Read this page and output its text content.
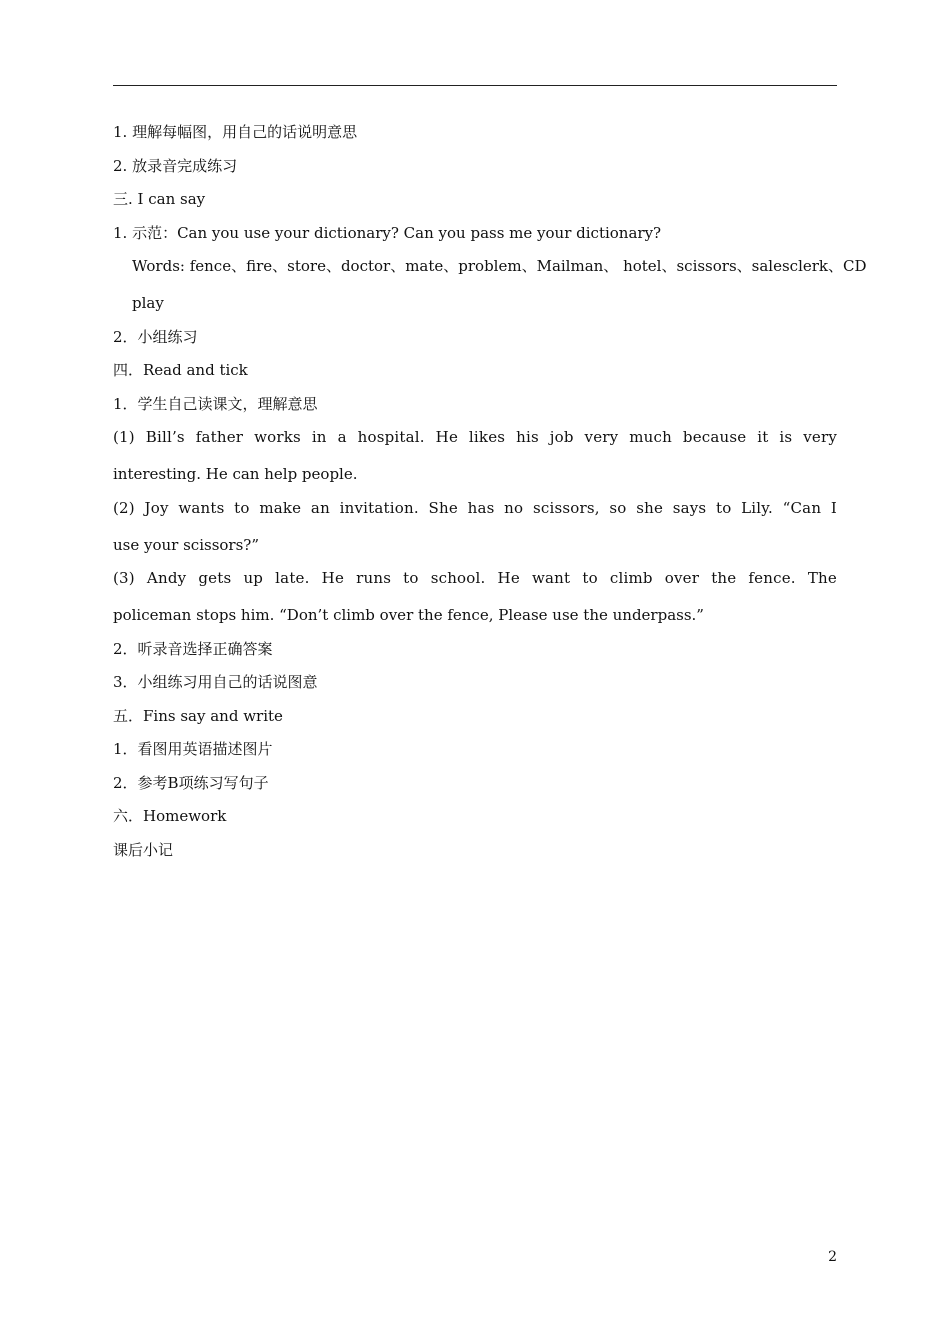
1. 理解每幅图，用自己的话说明意思
2. 放录音完成练习
三. I can say
1. 示范：Can you use your dictionary? Can you pass me your dictionary?
Words: fence、fire、store、doctor、mate、problem、Mailman、 hotel、scissors、salesclerk、CD
play
2．小组练习
四．Read and tick
1．学生自己读课文，理解意思
(1) Bill’s father works in a hospital. He likes his job very much because it is very
interesting. He can help people.
(2) Joy wants to make an invitation. She has no scissors, so she says to Lily. “Can I
use your scissors?”
(3) Andy gets up late. He runs to school. He want to climb over the fence. The
policeman stops him. “Don’t climb over the fence, Please use the underpass.”
2．听录音选择正确答案
3．小组练习用自己的话说图意
五．Fins say and write
1．看图用英语描述图片
2．参考B项练习写句子
六．Homework
课后小记
2
